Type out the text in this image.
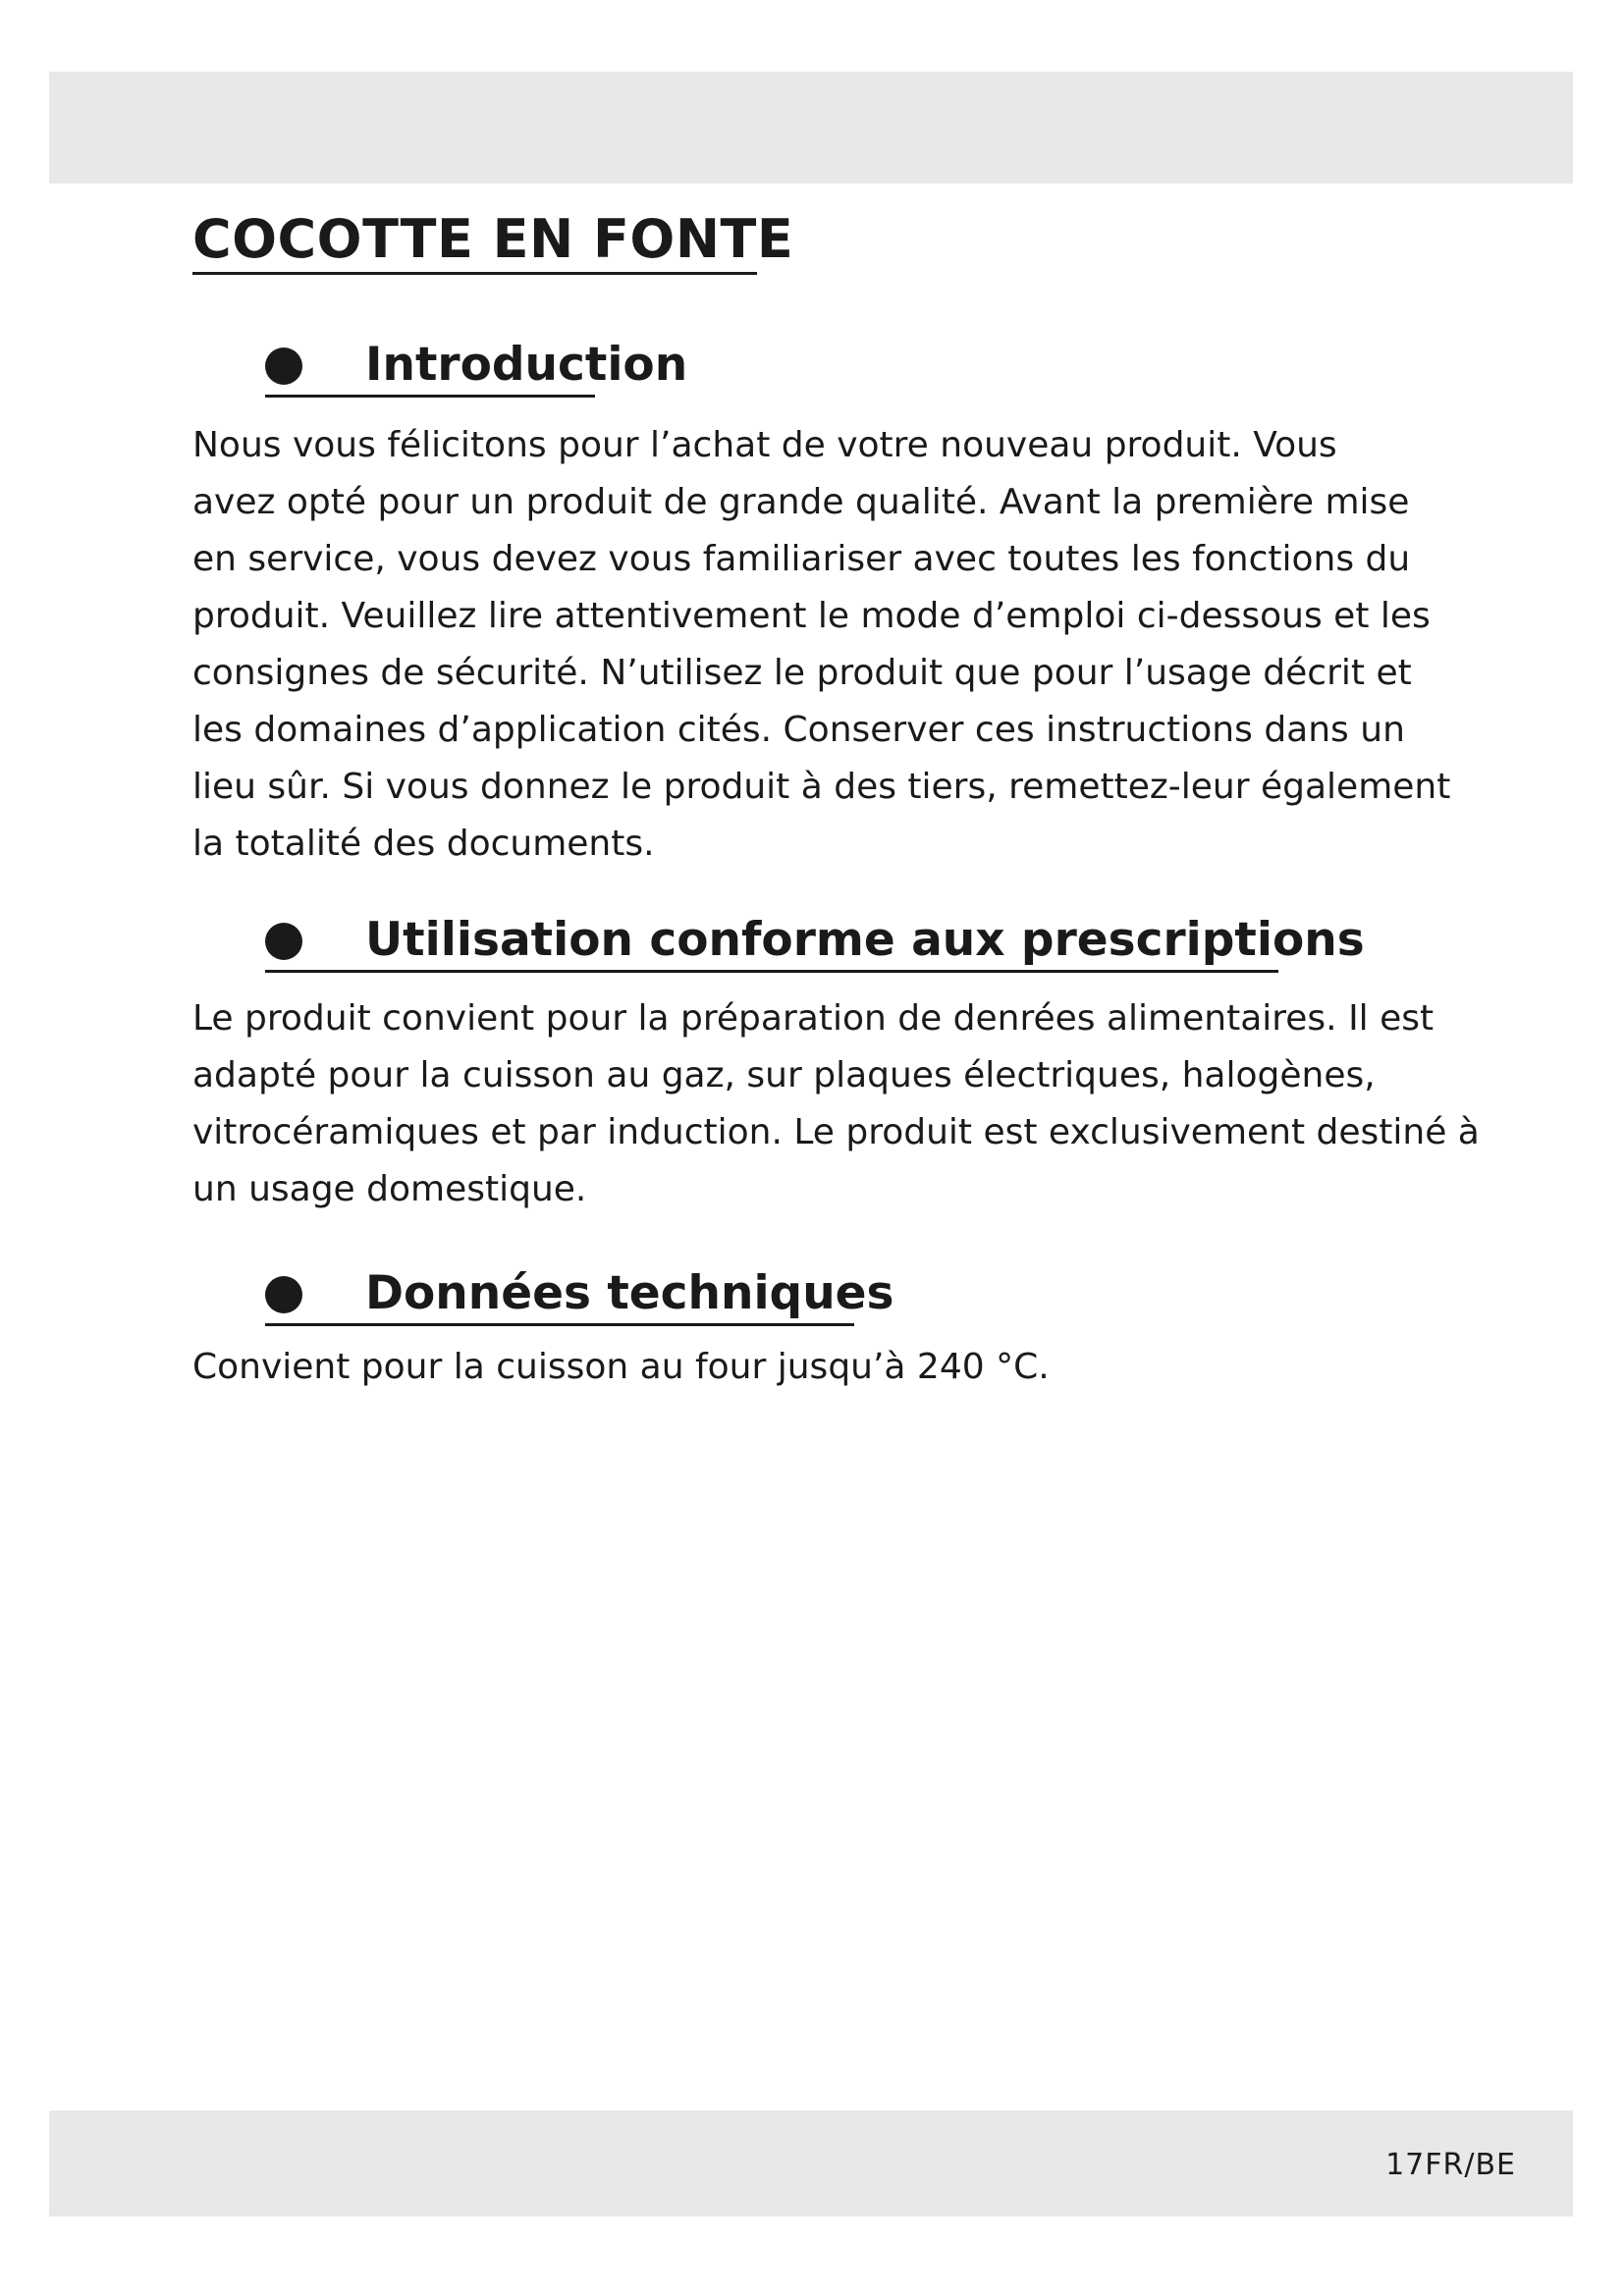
COCOTTE EN FONTE
Introduction

Nous vous félicitons pour l’achat de votre nouveau produit. Vous
avez opté pour un produit de grande qualité. Avant la première mise
en service, vous devez vous familiariser avec toutes les fonctions du
produit. Veuillez lire attentivement le mode d’emploi ci-dessous et les
consignes de sécurité. N’utilisez le produit que pour l’usage décrit et
les domaines d’application cités. Conserver ces instructions dans un
lieu sûr. Si vous donnez le produit à des tiers, remettez-leur également
la totalité des documents.

Utilisation conforme aux prescriptions

Le produit convient pour la préparation de denrées alimentaires. Il est
adapté pour la cuisson au gaz, sur plaques électriques, halogènes,
vitrocéramiques et par induction. Le produit est exclusivement destiné à
un usage domestique.

Données techniques

Convient pour la cuisson au four jusqu’à 240 °C.

17FR/BE
